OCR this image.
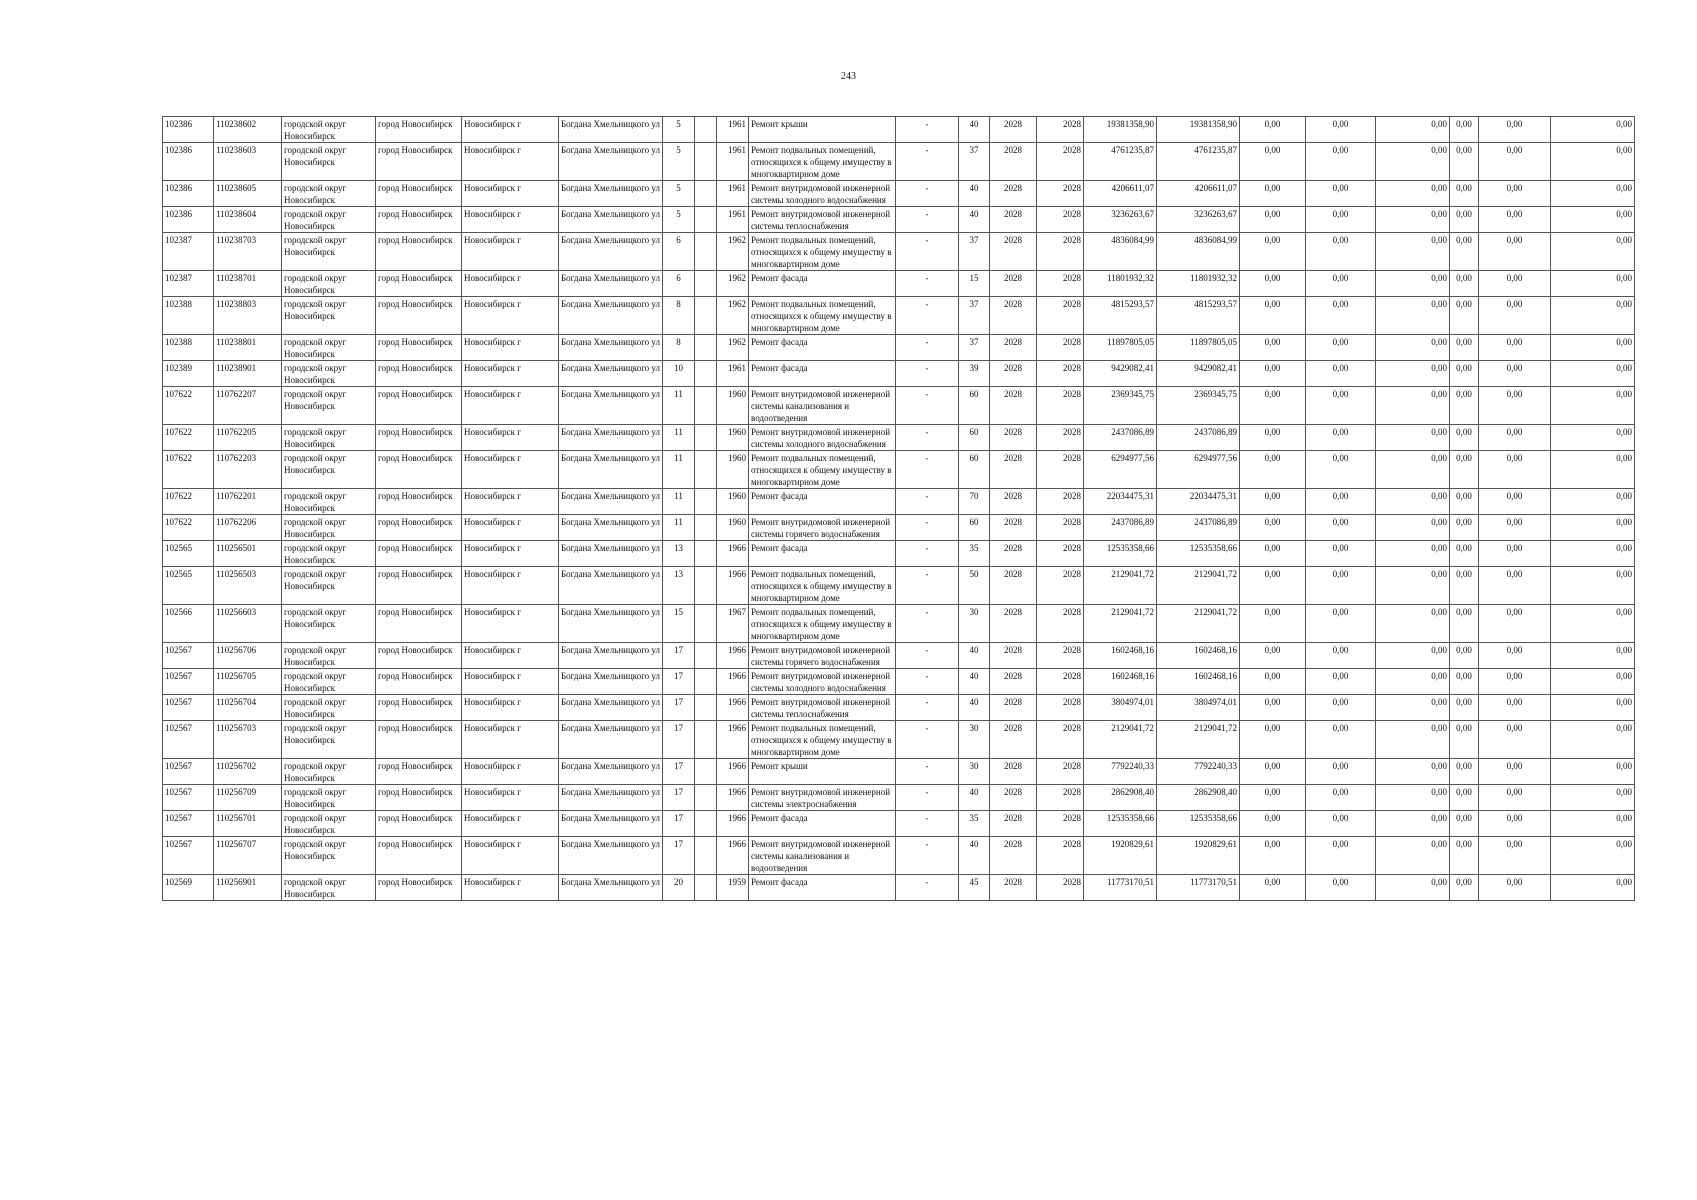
243
102386	110238602	городской округ Новосибирск	город Новосибирск	Новосибирск г	Богдана Хмельницкого ул	5		1961	Ремонт крыши	-	40	2028	2028	19381358,90	19381358,90	0,00	0,00	0,00	0,00	0,00	0,00
102386	110238603	городской округ Новосибирск	город Новосибирск	Новосибирск г	Богдана Хмельницкого ул	5		1961	Ремонт подвальных помещений, относящихся к общему имуществу в многоквартирном доме	-	37	2028	2028	4761235,87	4761235,87	0,00	0,00	0,00	0,00	0,00	0,00
102386	110238605	городской округ Новосибирск	город Новосибирск	Новосибирск г	Богдана Хмельницкого ул	5		1961	Ремонт внутридомовой инженерной системы холодного водоснабжения	-	40	2028	2028	4206611,07	4206611,07	0,00	0,00	0,00	0,00	0,00	0,00
102386	110238604	городской округ Новосибирск	город Новосибирск	Новосибирск г	Богдана Хмельницкого ул	5		1961	Ремонт внутридомовой инженерной системы теплоснабжения	-	40	2028	2028	3236263,67	3236263,67	0,00	0,00	0,00	0,00	0,00	0,00
102387	110238703	городской округ Новосибирск	город Новосибирск	Новосибирск г	Богдана Хмельницкого ул	6		1962	Ремонт подвальных помещений, относящихся к общему имуществу в многоквартирном доме	-	37	2028	2028	4836084,99	4836084,99	0,00	0,00	0,00	0,00	0,00	0,00
102387	110238701	городской округ Новосибирск	город Новосибирск	Новосибирск г	Богдана Хмельницкого ул	6		1962	Ремонт фасада	-	15	2028	2028	11801932,32	11801932,32	0,00	0,00	0,00	0,00	0,00	0,00
102388	110238803	городской округ Новосибирск	город Новосибирск	Новосибирск г	Богдана Хмельницкого ул	8		1962	Ремонт подвальных помещений, относящихся к общему имуществу в многоквартирном доме	-	37	2028	2028	4815293,57	4815293,57	0,00	0,00	0,00	0,00	0,00	0,00
102388	110238801	городской округ Новосибирск	город Новосибирск	Новосибирск г	Богдана Хмельницкого ул	8		1962	Ремонт фасада	-	37	2028	2028	11897805,05	11897805,05	0,00	0,00	0,00	0,00	0,00	0,00
102389	110238901	городской округ Новосибирск	город Новосибирск	Новосибирск г	Богдана Хмельницкого ул	10		1961	Ремонт фасада	-	39	2028	2028	9429082,41	9429082,41	0,00	0,00	0,00	0,00	0,00	0,00
107622	110762207	городской округ Новосибирск	город Новосибирск	Новосибирск г	Богдана Хмельницкого ул	11		1960	Ремонт внутридомовой инженерной системы канализования и водоотведения	-	60	2028	2028	2369345,75	2369345,75	0,00	0,00	0,00	0,00	0,00	0,00
107622	110762205	городской округ Новосибирск	город Новосибирск	Новосибирск г	Богдана Хмельницкого ул	11		1960	Ремонт внутридомовой инженерной системы холодного водоснабжения	-	60	2028	2028	2437086,89	2437086,89	0,00	0,00	0,00	0,00	0,00	0,00
107622	110762203	городской округ Новосибирск	город Новосибирск	Новосибирск г	Богдана Хмельницкого ул	11		1960	Ремонт подвальных помещений, относящихся к общему имуществу в многоквартирном доме	-	60	2028	2028	6294977,56	6294977,56	0,00	0,00	0,00	0,00	0,00	0,00
107622	110762201	городской округ Новосибирск	город Новосибирск	Новосибирск г	Богдана Хмельницкого ул	11		1960	Ремонт фасада	-	70	2028	2028	22034475,31	22034475,31	0,00	0,00	0,00	0,00	0,00	0,00
107622	110762206	городской округ Новосибирск	город Новосибирск	Новосибирск г	Богдана Хмельницкого ул	11		1960	Ремонт внутридомовой инженерной системы горячего водоснабжения	-	60	2028	2028	2437086,89	2437086,89	0,00	0,00	0,00	0,00	0,00	0,00
102565	110256501	городской округ Новосибирск	город Новосибирск	Новосибирск г	Богдана Хмельницкого ул	13		1966	Ремонт фасада	-	35	2028	2028	12535358,66	12535358,66	0,00	0,00	0,00	0,00	0,00	0,00
102565	110256503	городской округ Новосибирск	город Новосибирск	Новосибирск г	Богдана Хмельницкого ул	13		1966	Ремонт подвальных помещений, относящихся к общему имуществу в многоквартирном доме	-	50	2028	2028	2129041,72	2129041,72	0,00	0,00	0,00	0,00	0,00	0,00
102566	110256603	городской округ Новосибирск	город Новосибирск	Новосибирск г	Богдана Хмельницкого ул	15		1967	Ремонт подвальных помещений, относящихся к общему имуществу в многоквартирном доме	-	30	2028	2028	2129041,72	2129041,72	0,00	0,00	0,00	0,00	0,00	0,00
102567	110256706	городской округ Новосибирск	город Новосибирск	Новосибирск г	Богдана Хмельницкого ул	17		1966	Ремонт внутридомовой инженерной системы горячего водоснабжения	-	40	2028	2028	1602468,16	1602468,16	0,00	0,00	0,00	0,00	0,00	0,00
102567	110256705	городской округ Новосибирск	город Новосибирск	Новосибирск г	Богдана Хмельницкого ул	17		1966	Ремонт внутридомовой инженерной системы холодного водоснабжения	-	40	2028	2028	1602468,16	1602468,16	0,00	0,00	0,00	0,00	0,00	0,00
102567	110256704	городской округ Новосибирск	город Новосибирск	Новосибирск г	Богдана Хмельницкого ул	17		1966	Ремонт внутридомовой инженерной системы теплоснабжения	-	40	2028	2028	3804974,01	3804974,01	0,00	0,00	0,00	0,00	0,00	0,00
102567	110256703	городской округ Новосибирск	город Новосибирск	Новосибирск г	Богдана Хмельницкого ул	17		1966	Ремонт подвальных помещений, относящихся к общему имуществу в многоквартирном доме	-	30	2028	2028	2129041,72	2129041,72	0,00	0,00	0,00	0,00	0,00	0,00
102567	110256702	городской округ Новосибирск	город Новосибирск	Новосибирск г	Богдана Хмельницкого ул	17		1966	Ремонт крыши	-	30	2028	2028	7792240,33	7792240,33	0,00	0,00	0,00	0,00	0,00	0,00
102567	110256709	городской округ Новосибирск	город Новосибирск	Новосибирск г	Богдана Хмельницкого ул	17		1966	Ремонт внутридомовой инженерной системы электроснабжения	-	40	2028	2028	2862908,40	2862908,40	0,00	0,00	0,00	0,00	0,00	0,00
102567	110256701	городской округ Новосибирск	город Новосибирск	Новосибирск г	Богдана Хмельницкого ул	17		1966	Ремонт фасада	-	35	2028	2028	12535358,66	12535358,66	0,00	0,00	0,00	0,00	0,00	0,00
102567	110256707	городской округ Новосибирск	город Новосибирск	Новосибирск г	Богдана Хмельницкого ул	17		1966	Ремонт внутридомовой инженерной системы канализования и водоотведения	-	40	2028	2028	1920829,61	1920829,61	0,00	0,00	0,00	0,00	0,00	0,00
102569	110256901	городской округ Новосибирск	город Новосибирск	Новосибирск г	Богдана Хмельницкого ул	20		1959	Ремонт фасада	-	45	2028	2028	11773170,51	11773170,51	0,00	0,00	0,00	0,00	0,00	0,00
